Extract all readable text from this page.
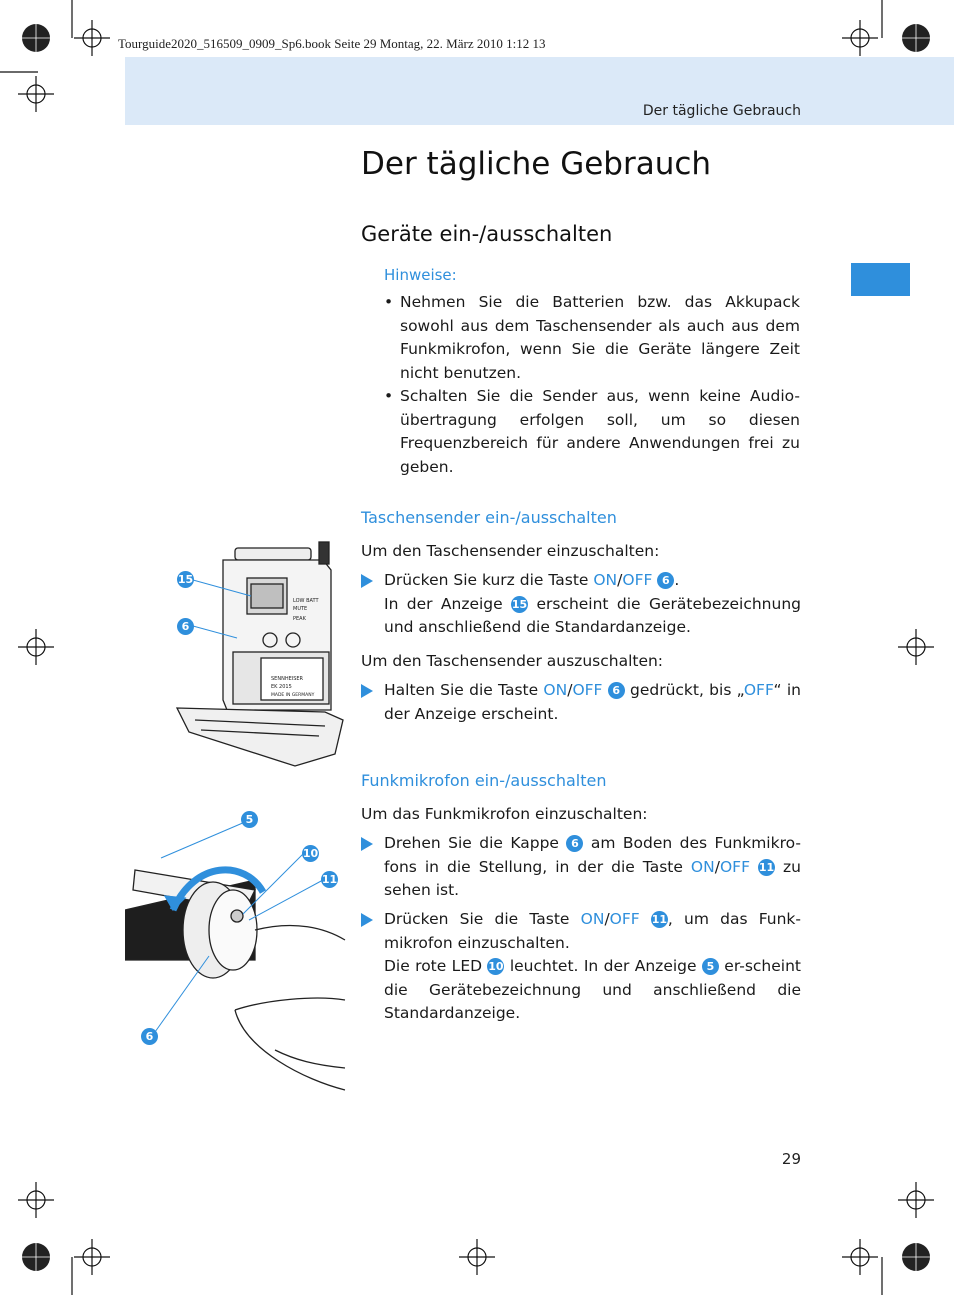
Tourguide2020_516509_0909_Sp6.book Seite 29 Montag, 22. März 2010 1:12 13
Der tägliche Gebrauch
Der tägliche Gebrauch
Geräte ein-/ausschalten
Hinweise:
• Nehmen Sie die Batterien bzw. das Akkupack sowohl aus dem Taschensender als auch aus dem Funkmikrofon, wenn Sie die Geräte längere Zeit nicht benutzen.
• Schalten Sie die Sender aus, wenn keine Audio-übertragung erfolgen soll, um so diesen Frequenzbereich für andere Anwendungen frei zu geben.
Taschensender ein-/ausschalten

Um den Taschensender einzuschalten:

Drücken Sie kurz die Taste ON/OFF 6 .
In der Anzeige 15 erscheint die Gerätebezeichnung und anschließend die Standardanzeige.

Um den Taschensender auszuschalten:

Halten Sie die Taste ON/OFF 6 gedrückt, bis „OFF“ in der Anzeige erscheint.
LOW BATT
MUTE
PEAK
SENNHEISER
EK 2015
MADE IN GERMANY
15
6
Funkmikrofon ein-/ausschalten

Um das Funkmikrofon einzuschalten:

Drehen Sie die Kappe 6 am Boden des Funkmikro-fons in die Stellung, in der die Taste ON/OFF 11 zu sehen ist.
Drücken Sie die Taste ON/OFF 11, um das Funk-mikrofon einzuschalten.
Die rote LED 10 leuchtet. In der Anzeige 5 er-scheint die Gerätebezeichnung und anschließend die Standardanzeige.
5
10
11
6
29
